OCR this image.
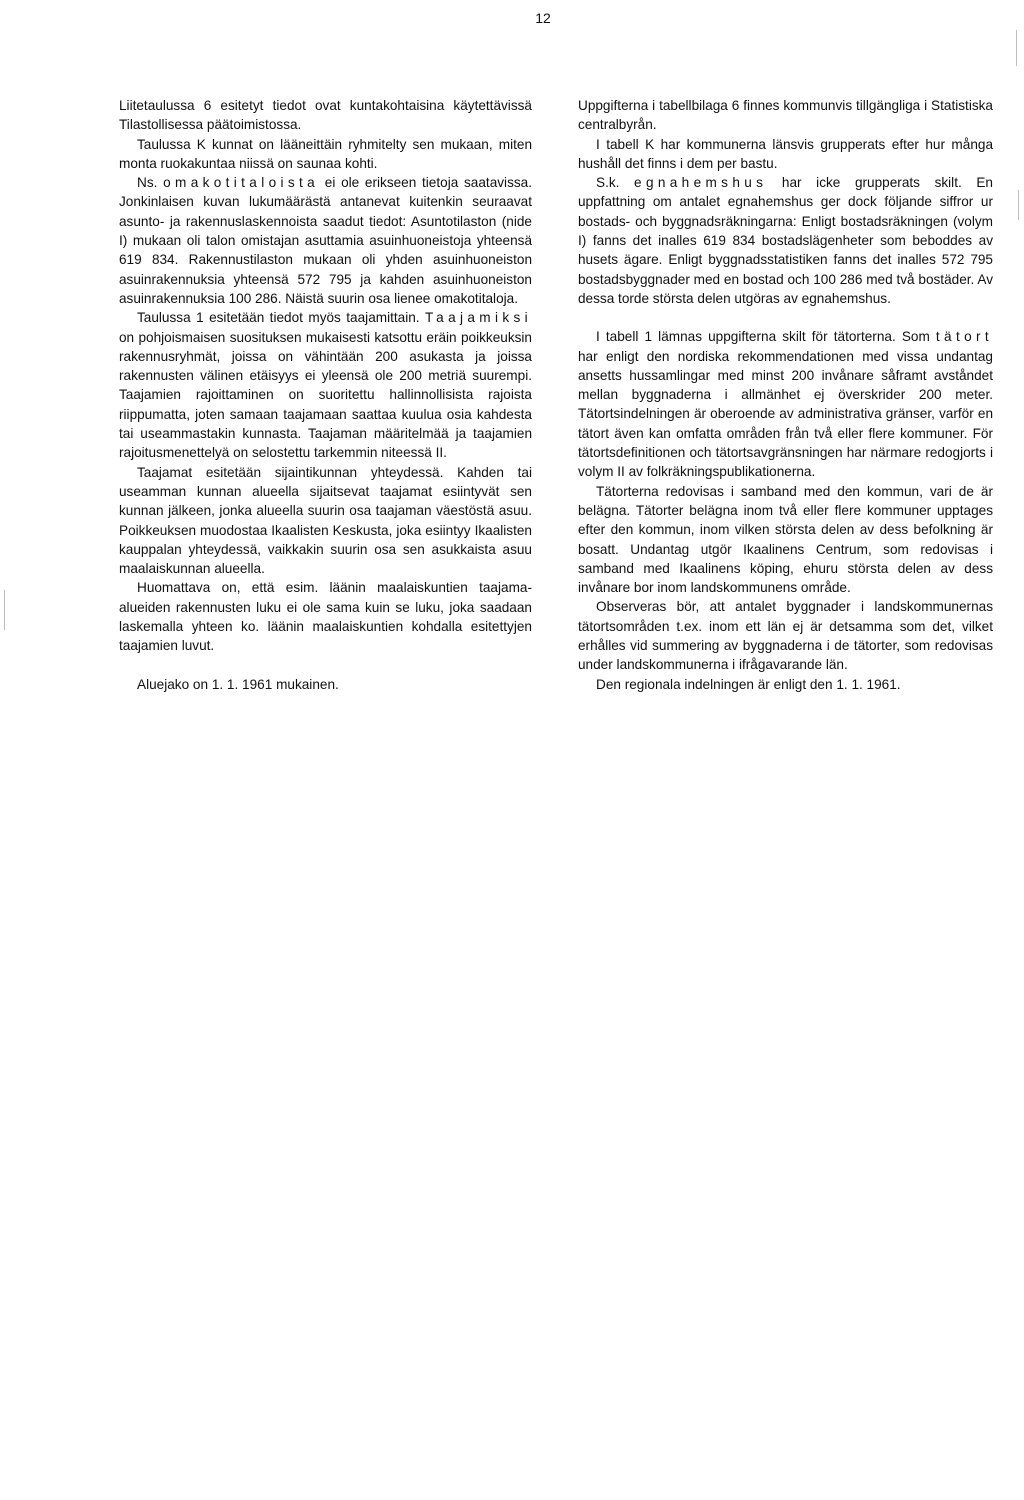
12

Liitetaulussa 6 esitetyt tiedot ovat kuntakohtaisina käytettävissä Tilastollisessa päätoimistossa.

Taulussa K kunnat on lääneittäin ryhmitelty sen mukaan, miten monta ruokakuntaa niissä on saunaa kohti.

Ns. omakotitaloista ei ole erikseen tietoja saatavissa. Jonkinlaisen kuvan lukumäärästä antanevat kuitenkin seuraavat asunto- ja rakennuslaskennoista saadut tiedot: Asuntotilaston (nide I) mukaan oli talon omistajan asuttamia asuinhuoneistoja yhteensä 619 834. Rakennustilaston mukaan oli yhden asuinhuoneiston asuinrakennuksia yhteensä 572 795 ja kahden asuinhuoneiston asuinrakennuksia 100 286. Näistä suurin osa lienee omakotitaloja.

Taulussa 1 esitetään tiedot myös taajamittain. Taajamiksi on pohjoismaisen suosituksen mukaisesti katsottu eräin poikkeuksin rakennusryhmät, joissa on vähintään 200 asukasta ja joissa rakennusten välinen etäisyys ei yleensä ole 200 metriä suurempi. Taajamien rajoittaminen on suoritettu hallinnollisista rajoista riippumatta, joten samaan taajamaan saattaa kuulua osia kahdesta tai useammastakin kunnasta. Taajaman määritelmää ja taajamien rajoitusmenettelyä on selostettu tarkemmin niteessä II.

Taajamat esitetään sijaintikunnan yhteydessä. Kahden tai useamman kunnan alueella sijaitsevat taajamat esiintyvät sen kunnan jälkeen, jonka alueella suurin osa taajaman väestöstä asuu. Poikkeuksen muodostaa Ikaalisten Keskusta, joka esiintyy Ikaalisten kauppalan yhteydessä, vaikkakin suurin osa sen asukkaista asuu maalaiskunnan alueella.

Huomattava on, että esim. läänin maalaiskuntien taajama-alueiden rakennusten luku ei ole sama kuin se luku, joka saadaan laskemalla yhteen ko. läänin maalaiskuntien kohdalla esitettyjen taajamien luvut.

Aluejako on 1. 1. 1961 mukainen.

Uppgifterna i tabellbilaga 6 finnes kommunvis tillgängliga i Statistiska centralbyrån.

I tabell K har kommunerna länsvis grupperats efter hur många hushåll det finns i dem per bastu.

S.k. egnahemshus har icke grupperats skilt. En uppfattning om antalet egnahemshus ger dock följande siffror ur bostads- och byggnadsräkningarna: Enligt bostadsräkningen (volym I) fanns det inalles 619 834 bostadslägenheter som beboddes av husets ägare. Enligt byggnadsstatistiken fanns det inalles 572 795 bostadsbyggnader med en bostad och 100 286 med två bostäder. Av dessa torde största delen utgöras av egnahemshus.

I tabell 1 lämnas uppgifterna skilt för tätorterna. Som tätort har enligt den nordiska rekommendationen med vissa undantag ansetts hussamlingar med minst 200 invånare såframt avståndet mellan byggnaderna i allmänhet ej överskrider 200 meter. Tätortsindelningen är oberoende av administrativa gränser, varför en tätort även kan omfatta områden från två eller flere kommuner. För tätortsdefinitionen och tätortsavgränsningen har närmare redogjorts i volym II av folkräkningspublikationerna.

Tätorterna redovisas i samband med den kommun, vari de är belägna. Tätorter belägna inom två eller flere kommuner upptages efter den kommun, inom vilken största delen av dess befolkning är bosatt. Undantag utgör Ikaalinens Centrum, som redovisas i samband med Ikaalinens köping, ehuru största delen av dess invånare bor inom landskommunens område.

Observeras bör, att antalet byggnader i landskommunernas tätortsområden t.ex. inom ett län ej är detsamma som det, vilket erhålles vid summering av byggnaderna i de tätorter, som redovisas under landskommunerna i ifrågavarande län.

Den regionala indelningen är enligt den 1. 1. 1961.
